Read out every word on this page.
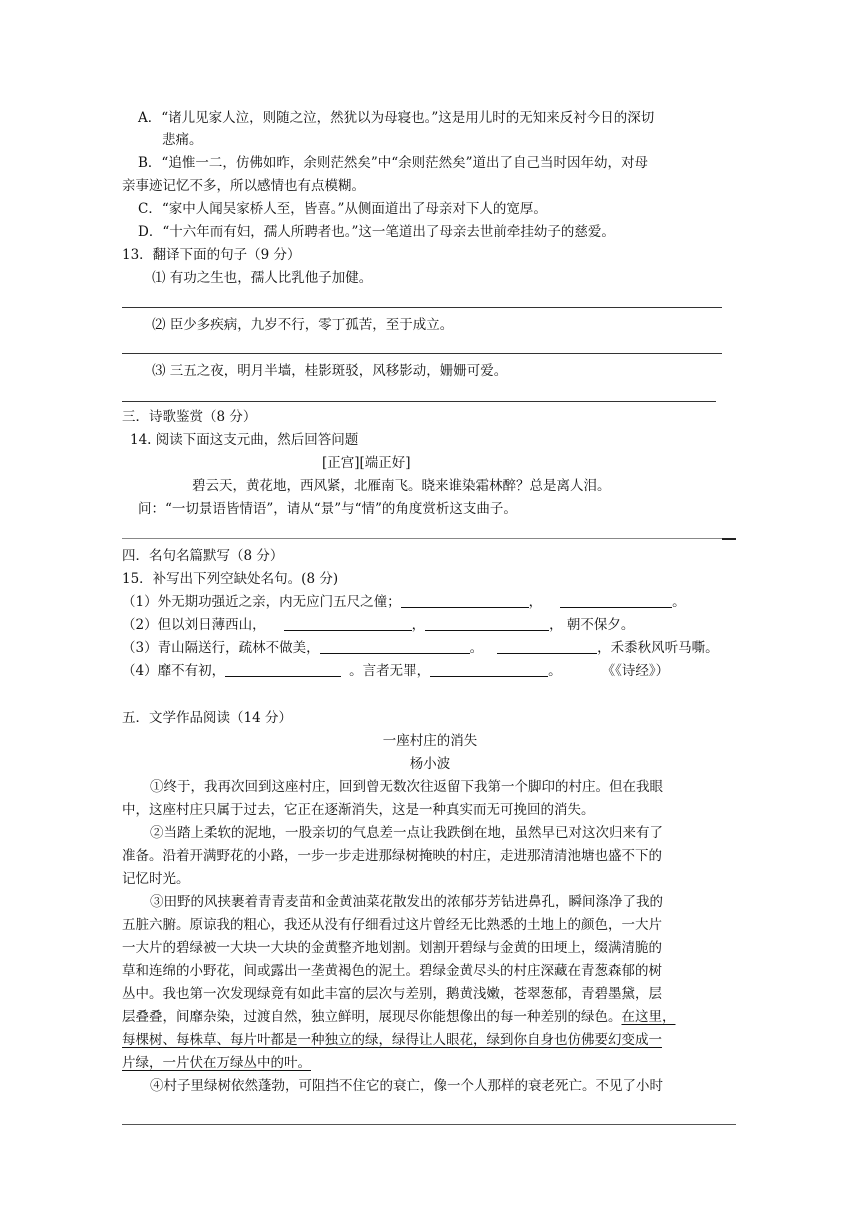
A．“诸儿见家人泣，则随之泣，然犹以为母寝也。”这是用儿时的无知来反衬今日的深切
悲痛。
B．“追惟一二，仿佛如昨，余则茫然矣”中“余则茫然矣”道出了自己当时因年幼，对母
亲事迹记忆不多，所以感情也有点模糊。
C．“家中人闻吴家桥人至，皆喜。”从侧面道出了母亲对下人的宽厚。
D．“十六年而有妇，孺人所聘者也。”这一笔道出了母亲去世前牵挂幼子的慈爱。
13．翻译下面的句子（9 分）
⑴ 有功之生也，孺人比乳他子加健。
⑵ 臣少多疾病，九岁不行，零丁孤苦，至于成立。
⑶ 三五之夜，明月半墙，桂影斑驳，风移影动，姗姗可爱。
三．诗歌鉴赏（8 分）
14. 阅读下面这支元曲，然后回答问题
[正宫][端正好]
碧云天，黄花地，西风紧，北雁南飞。晓来谁染霜林醉？总是离人泪。
问：“一切景语皆情语”，请从“景”与“情”的角度赏析这支曲子。
四．名句名篇默写（8 分）
15．补写出下列空缺处名句。(8 分)
（1）外无期功强近之亲，内无应门五尺之僮；	，	。
（2）但以刘日薄西山，	，	， 朝不保夕。
（3）青山隔送行，疏林不做美，	。	，禾黍秋风听马嘶。
（4）靡不有初，	。言者无罪，	。	《《诗经》）
五．文学作品阅读（14 分）
一座村庄的消失
杨小波
①终于，我再次回到这座村庄，回到曾无数次往返留下我第一个脚印的村庄。但在我眼
中，这座村庄只属于过去，它正在逐渐消失，这是一种真实而无可挽回的消失。
②当踏上柔软的泥地，一股亲切的气息差一点让我跌倒在地，虽然早已对这次归来有了
准备。沿着开满野花的小路，一步一步走进那绿树掩映的村庄，走进那清清池塘也盛不下的
记忆时光。
③田野的风挟裹着青青麦苗和金黄油菜花散发出的浓郁芬芳钻进鼻孔，瞬间涤净了我的
五脏六腑。原谅我的粗心，我还从没有仔细看过这片曾经无比熟悉的土地上的颜色，一大片
一大片的碧绿被一大块一大块的金黄整齐地划割。划割开碧绿与金黄的田埂上，缀满清脆的
草和连绵的小野花，间或露出一垄黄褐色的泥土。碧绿金黄尽头的村庄深藏在青葱森郁的树
丛中。我也第一次发现绿竟有如此丰富的层次与差别，鹅黄浅嫩，苍翠葱郁，青碧墨黛，层
层叠叠，间靡杂染，过渡自然，独立鲜明，展现尽你能想像出的每一种差别的绿色。在这里，
每棵树、每株草、每片叶都是一种独立的绿，绿得让人眼花，绿到你自身也仿佛要幻变成一
片绿，一片伏在万绿丛中的叶。
④村子里绿树依然蓬勃，可阻挡不住它的衰亡，像一个人那样的衰老死亡。不见了小时
